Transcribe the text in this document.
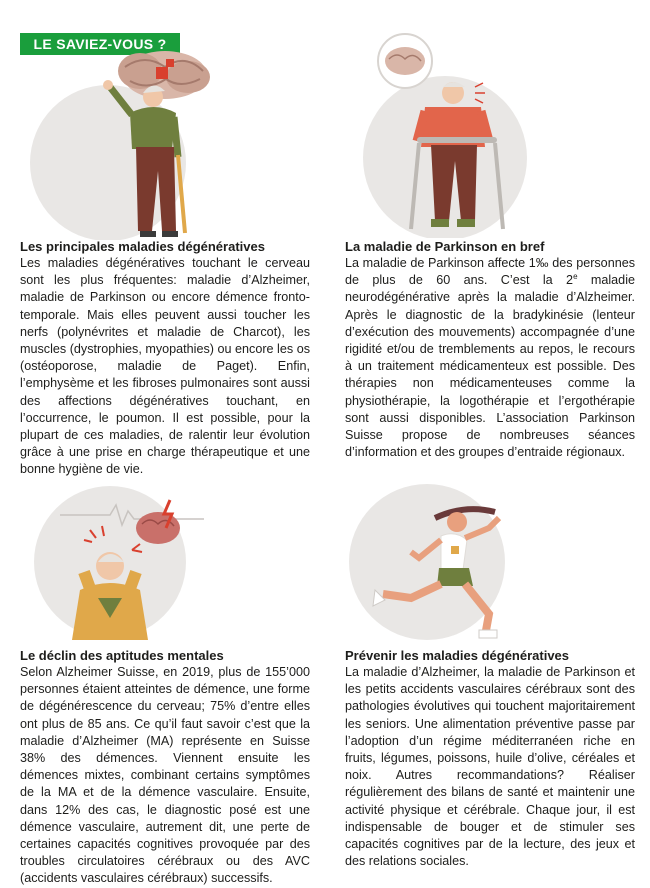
LE SAVIEZ-VOUS ?
Les principales maladies dégénératives

Les maladies dégénératives touchant le cerveau sont les plus fréquentes: maladie d’Alzheimer, maladie de Parkinson ou encore démence fronto-temporale. Mais elles peuvent aussi toucher les nerfs (polynévrites et maladie de Charcot), les muscles (dystrophies, myopathies) ou encore les os (ostéoporose, maladie de Paget). Enfin, l’emphysème et les fibroses pulmonaires sont aussi des affections dégénératives touchant, en l’occurrence, le poumon. Il est possible, pour la plupart de ces maladies, de ralentir leur évolution grâce à une prise en charge thérapeutique et une bonne hygiène de vie.

La maladie de Parkinson en bref

La maladie de Parkinson affecte 1‰ des personnes de plus de 60 ans. C’est la 2e maladie neurodégénérative après la maladie d’Alzheimer. Après le diagnostic de la bradykinésie (lenteur d’exécution des mouvements) accompagnée d’une rigidité et/ou de tremblements au repos, le recours à un traitement médicamenteux est possible. Des thérapies non médicamenteuses comme la physiothérapie, la logothérapie et l’ergothérapie sont aussi disponibles. L’association Parkinson Suisse propose de nombreuses séances d’information et des groupes d’entraide régionaux.

Le déclin des aptitudes mentales

Selon Alzheimer Suisse, en 2019, plus de 155’000 personnes étaient atteintes de démence, une forme de dégénérescence du cerveau; 75% d’entre elles ont plus de 85 ans. Ce qu’il faut savoir c’est que la maladie d’Alzheimer (MA) représente en Suisse 38% des démences. Viennent ensuite les démences mixtes, combinant certains symptômes de la MA et de la démence vasculaire. Ensuite, dans 12% des cas, le diagnostic posé est une démence vasculaire, autrement dit, une perte de certaines capacités cognitives provoquée par des troubles circulatoires cérébraux ou des AVC (accidents vasculaires cérébraux) successifs.

Prévenir les maladies dégénératives

La maladie d’Alzheimer, la maladie de Parkinson et les petits accidents vasculaires cérébraux sont des pathologies évolutives qui touchent majoritairement les seniors. Une alimentation préventive passe par l’adoption d’un régime méditerranéen riche en fruits, légumes, poissons, huile d’olive, céréales et noix. Autres recommandations? Réaliser régulièrement des bilans de santé et maintenir une activité physique et cérébrale. Chaque jour, il est indispensable de bouger et de stimuler ses capacités cognitives par de la lecture, des jeux et des relations sociales.
